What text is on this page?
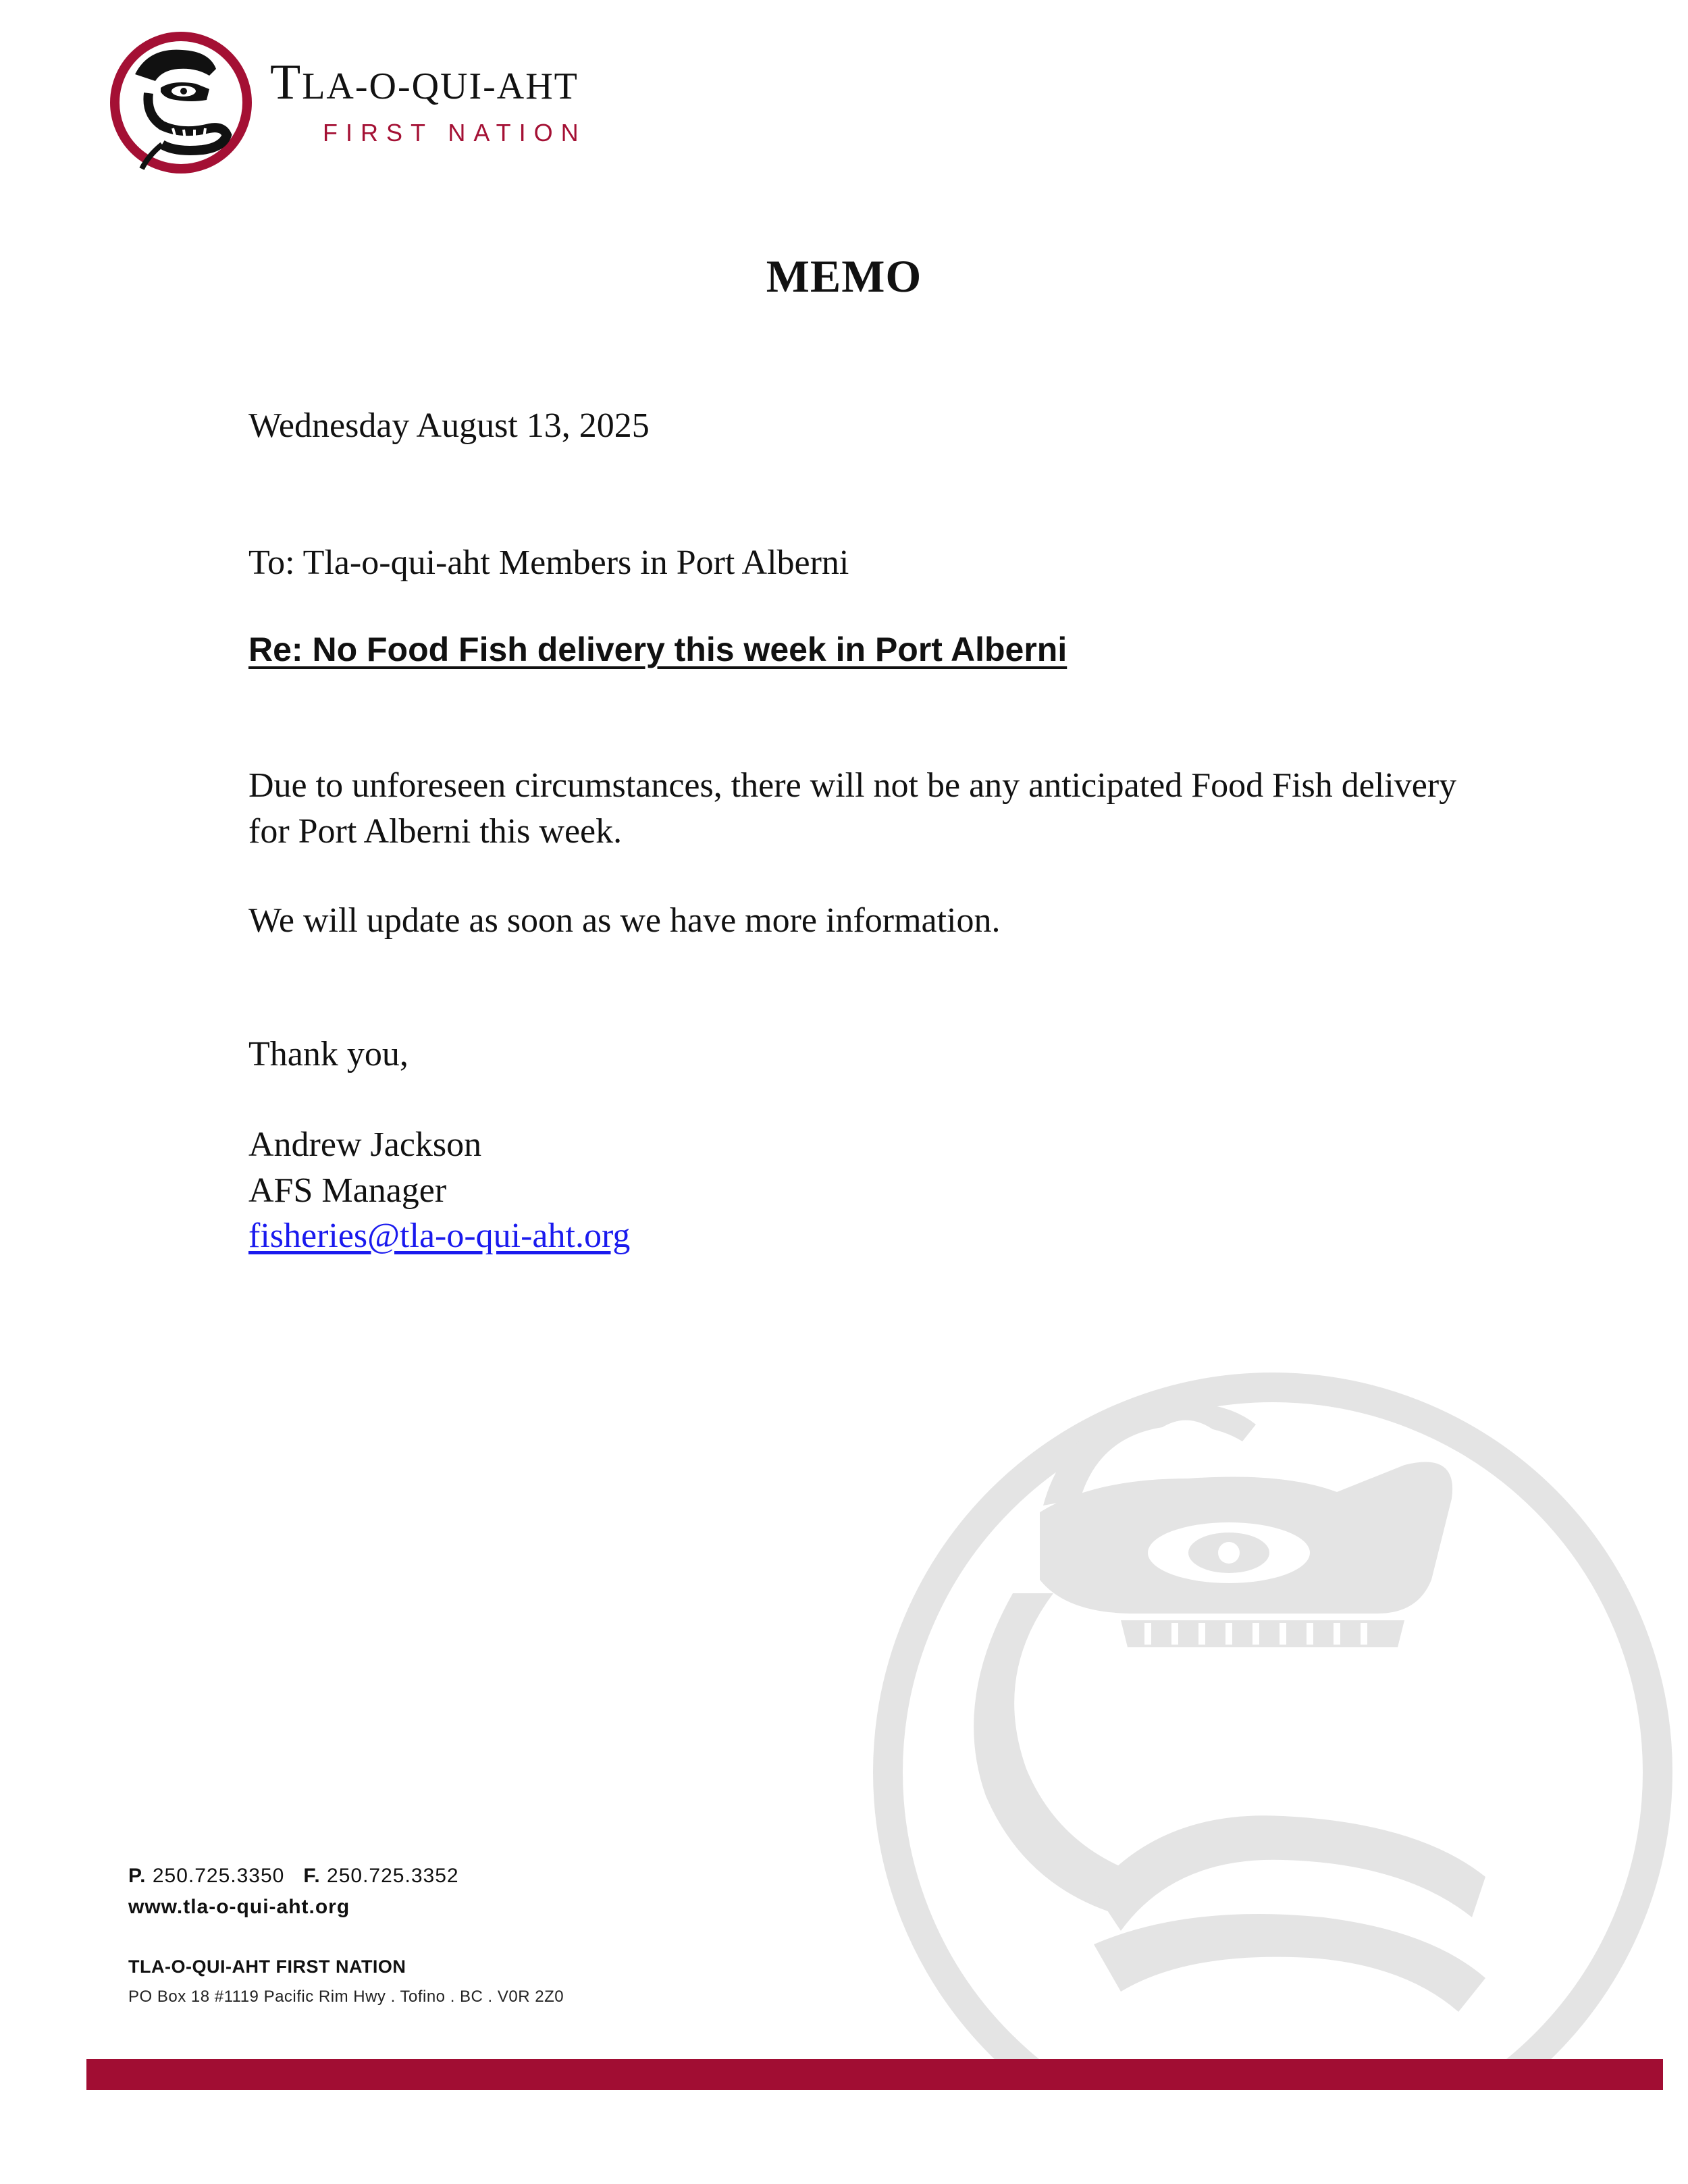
TLA-O-QUI-AHT
FIRST NATION
MEMO
Wednesday August 13, 2025
To: Tla-o-qui-aht Members in Port Alberni
Re: No Food Fish delivery this week in Port Alberni
Due to unforeseen circumstances, there will not be any anticipated Food Fish delivery for Port Alberni this week.
We will update as soon as we have more information.
Thank you,
Andrew Jackson
AFS Manager
fisheries@tla-o-qui-aht.org
P. 250.725.3350 F. 250.725.3352
www.tla-o-qui-aht.org
TLA-O-QUI-AHT FIRST NATION
PO Box 18 #1119 Pacific Rim Hwy . Tofino . BC . V0R 2Z0
